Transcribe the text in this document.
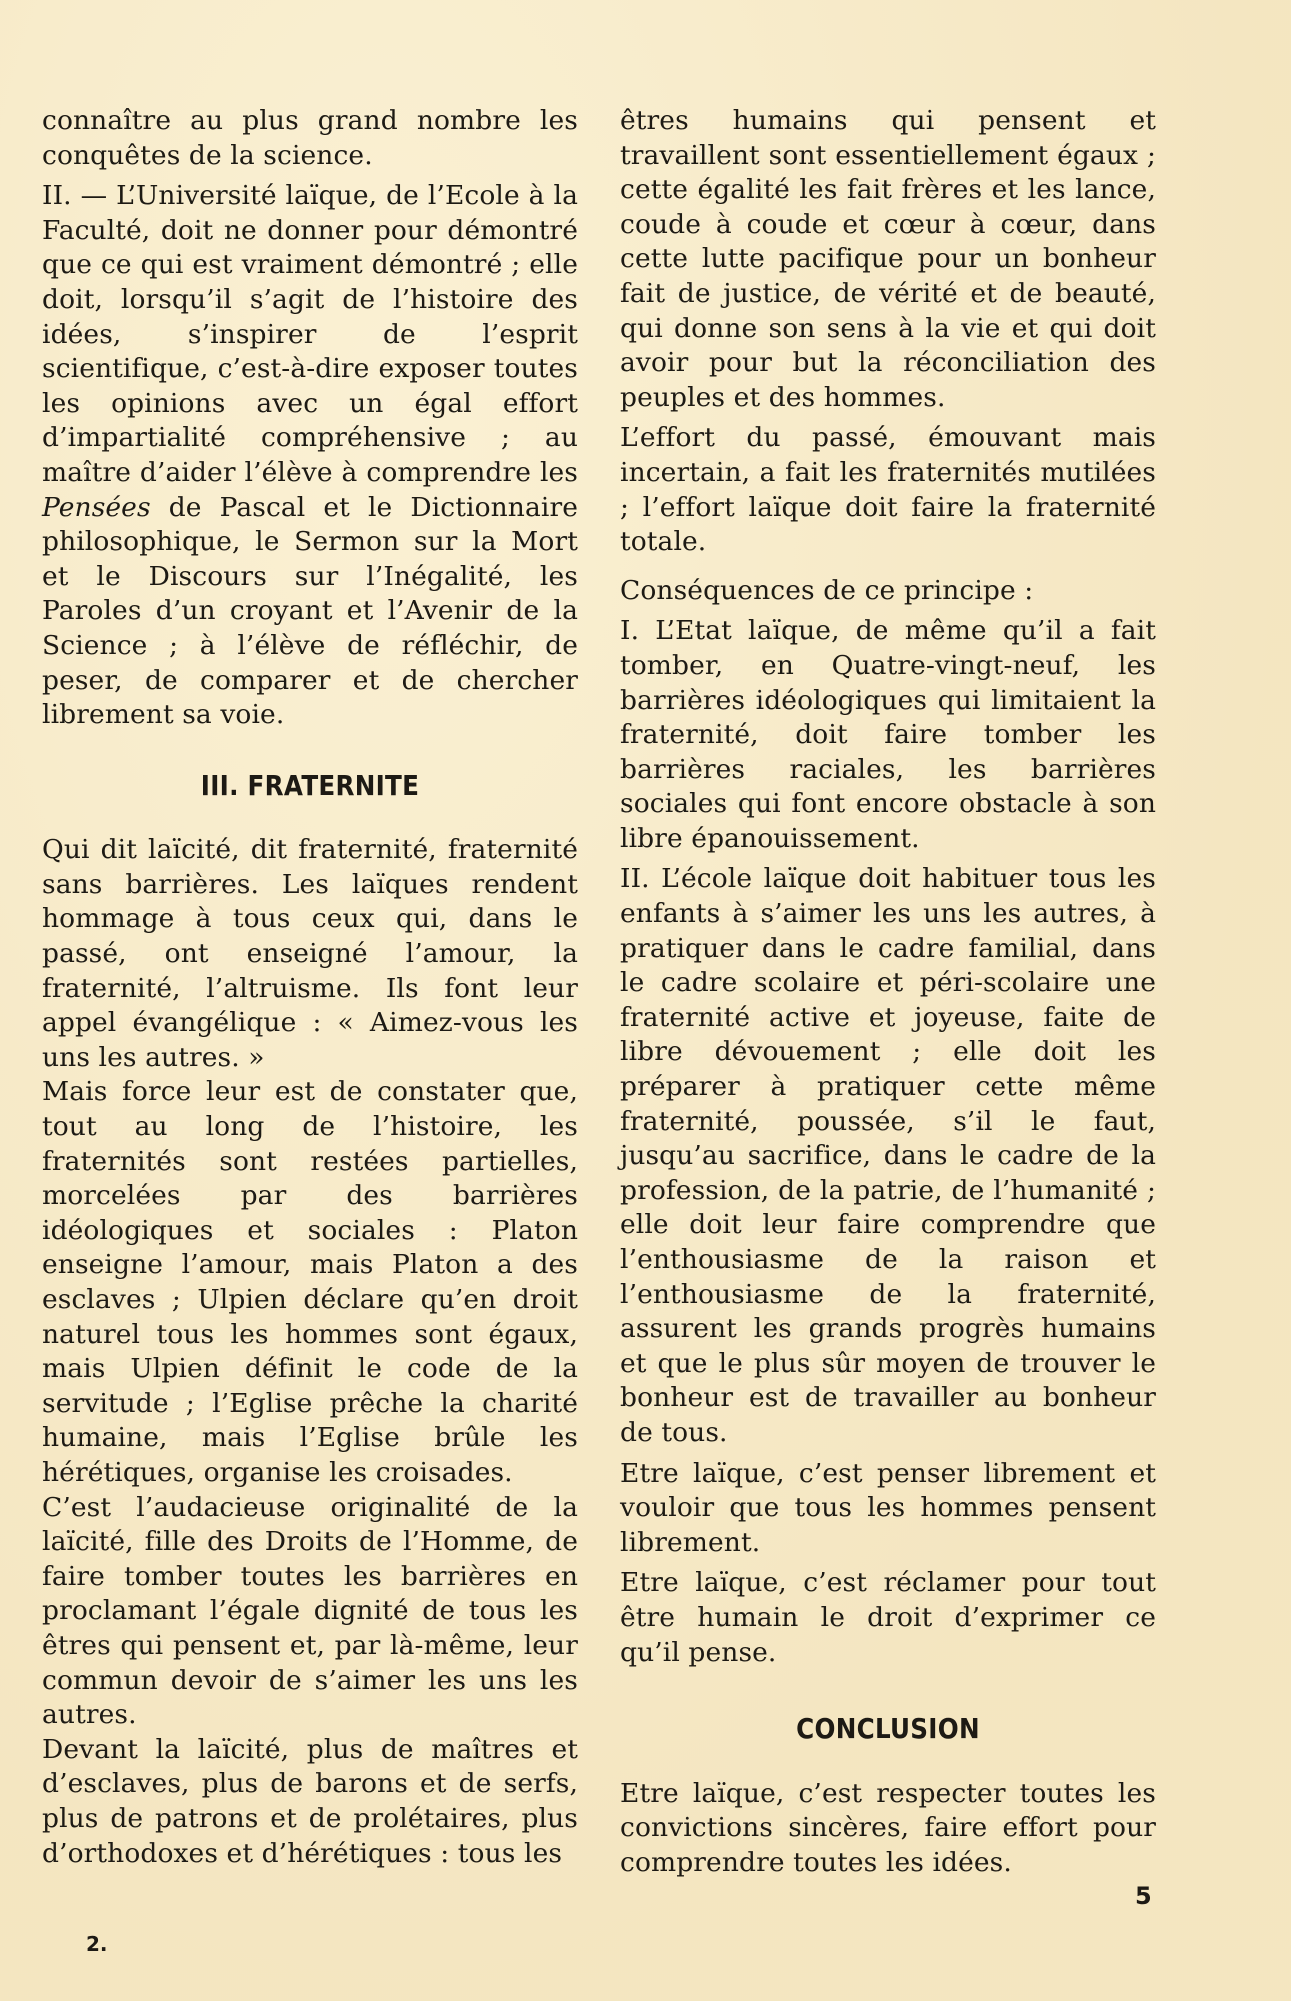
connaître au plus grand nombre les conquêtes de la science.

II. — L’Université laïque, de l’Ecole à la Faculté, doit ne donner pour démontré que ce qui est vraiment démontré ; elle doit, lorsqu’il s’agit de l’histoire des idées, s’inspirer de l’esprit scientifique, c’est-à-dire exposer toutes les opinions avec un égal effort d’impartialité compréhensive ; au maître d’aider l’élève à comprendre les Pensées de Pascal et le Dictionnaire philosophique, le Sermon sur la Mort et le Discours sur l’Inégalité, les Paroles d’un croyant et l’Avenir de la Science ; à l’élève de réfléchir, de peser, de comparer et de chercher librement sa voie.

III. FRATERNITE

Qui dit laïcité, dit fraternité, fraternité sans barrières. Les laïques rendent hommage à tous ceux qui, dans le passé, ont enseigné l’amour, la fraternité, l’altruisme. Ils font leur appel évangélique : « Aimez-vous les uns les autres. »

Mais force leur est de constater que, tout au long de l’histoire, les fraternités sont restées partielles, morcelées par des barrières idéologiques et sociales : Platon enseigne l’amour, mais Platon a des esclaves ; Ulpien déclare qu’en droit naturel tous les hommes sont égaux, mais Ulpien définit le code de la servitude ; l’Eglise prêche la charité humaine, mais l’Eglise brûle les hérétiques, organise les croisades.

C’est l’audacieuse originalité de la laïcité, fille des Droits de l’Homme, de faire tomber toutes les barrières en proclamant l’égale dignité de tous les êtres qui pensent et, par là-même, leur commun devoir de s’aimer les uns les autres.

Devant la laïcité, plus de maîtres et d’esclaves, plus de barons et de serfs, plus de patrons et de prolétaires, plus d’orthodoxes et d’hérétiques : tous les

êtres humains qui pensent et travaillent sont essentiellement égaux ; cette égalité les fait frères et les lance, coude à coude et cœur à cœur, dans cette lutte pacifique pour un bonheur fait de justice, de vérité et de beauté, qui donne son sens à la vie et qui doit avoir pour but la réconciliation des peuples et des hommes.

L’effort du passé, émouvant mais incertain, a fait les fraternités mutilées ; l’effort laïque doit faire la fraternité totale.

Conséquences de ce principe :

I. L’Etat laïque, de même qu’il a fait tomber, en Quatre-vingt-neuf, les barrières idéologiques qui limitaient la fraternité, doit faire tomber les barrières raciales, les barrières sociales qui font encore obstacle à son libre épanouissement.

II. L’école laïque doit habituer tous les enfants à s’aimer les uns les autres, à pratiquer dans le cadre familial, dans le cadre scolaire et péri-scolaire une fraternité active et joyeuse, faite de libre dévouement ; elle doit les préparer à pratiquer cette même fraternité, poussée, s’il le faut, jusqu’au sacrifice, dans le cadre de la profession, de la patrie, de l’humanité ; elle doit leur faire comprendre que l’enthousiasme de la raison et l’enthousiasme de la fraternité, assurent les grands progrès humains et que le plus sûr moyen de trouver le bonheur est de travailler au bonheur de tous.

Etre laïque, c’est penser librement et vouloir que tous les hommes pensent librement.

Etre laïque, c’est réclamer pour tout être humain le droit d’exprimer ce qu’il pense.

CONCLUSION

Etre laïque, c’est respecter toutes les convictions sincères, faire effort pour comprendre toutes les idées.

2.
5
